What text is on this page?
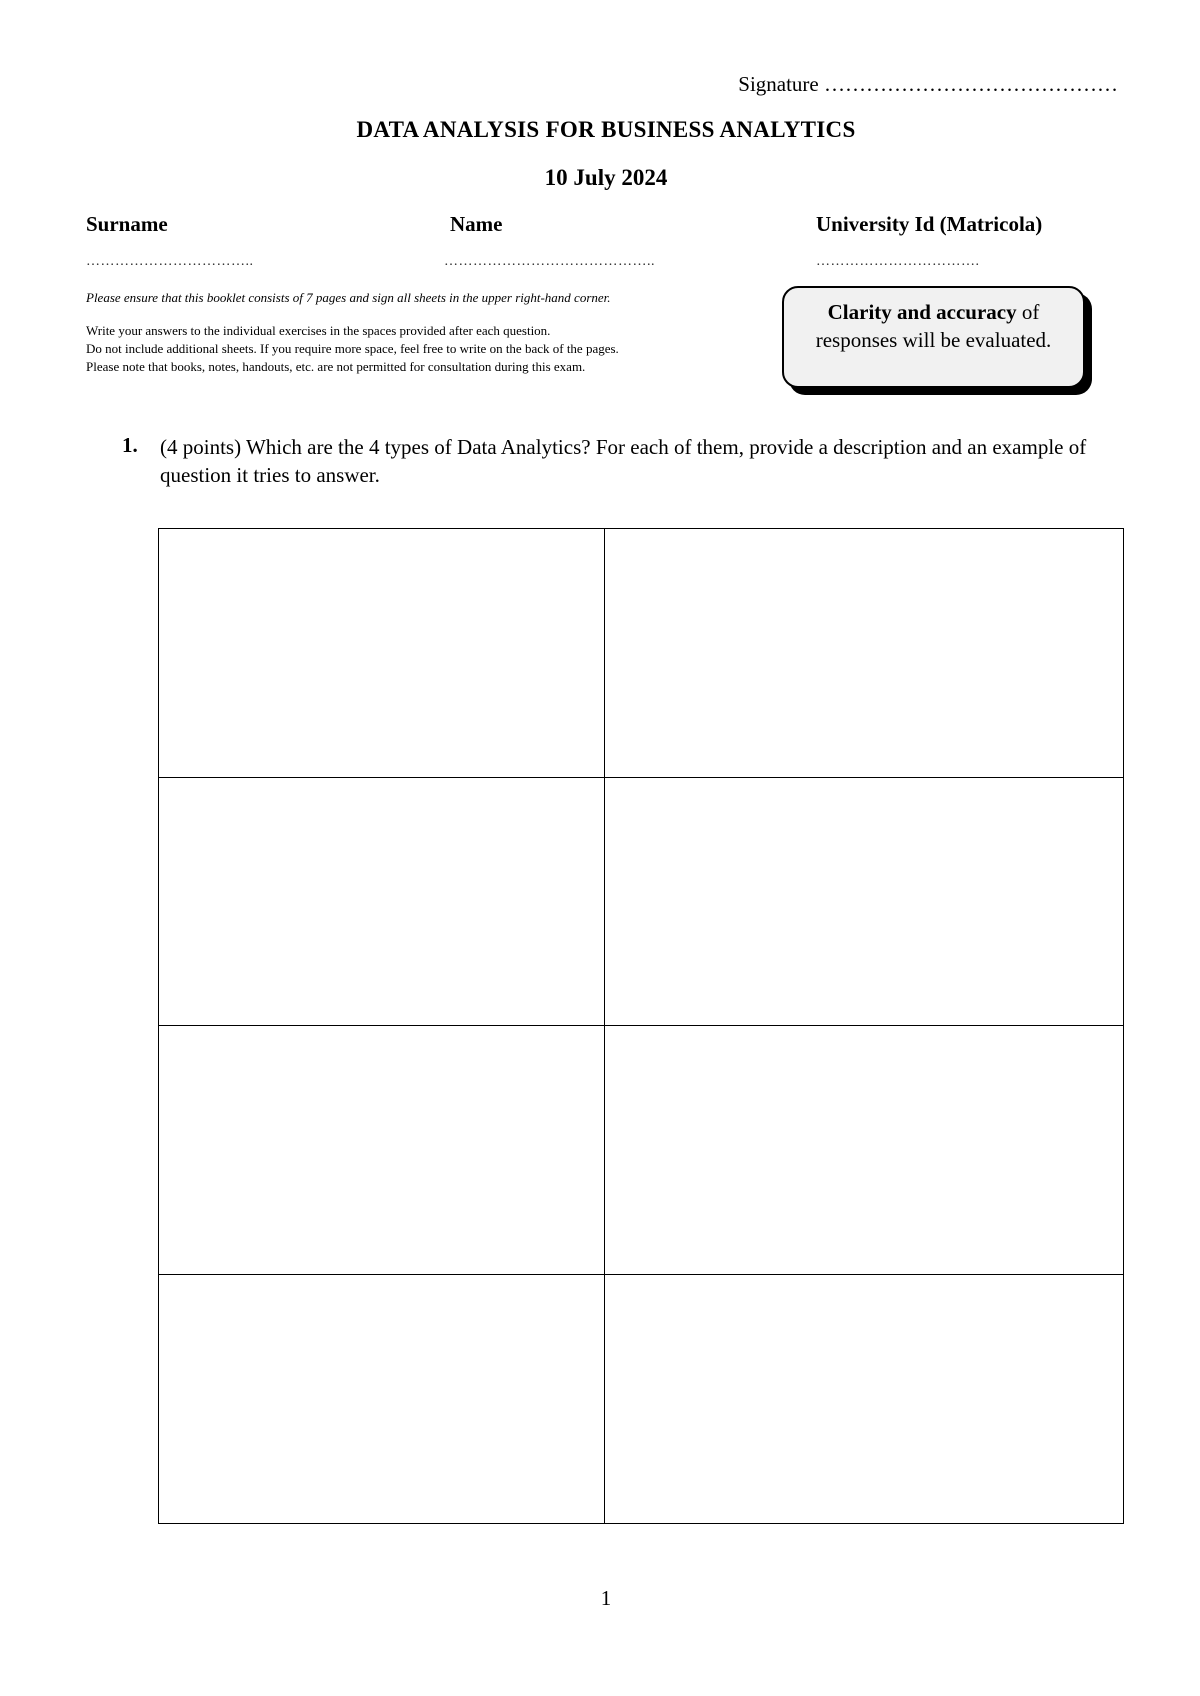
Signature ……………………………………
DATA ANALYSIS FOR BUSINESS ANALYTICS
10 July 2024
Surname	Name	University Id (Matricola)
……………………………..	……………………………………..	…………………………….
Please ensure that this booklet consists of 7 pages and sign all sheets in the upper right-hand corner.
Write your answers to the individual exercises in the spaces provided after each question.
Do not include additional sheets. If you require more space, feel free to write on the back of the pages.
Please note that books, notes, handouts, etc. are not permitted for consultation during this exam.
Clarity and accuracy of
responses will be evaluated.
1. (4 points) Which are the 4 types of Data Analytics? For each of them, provide a description and an example of question it tries to answer.
1
